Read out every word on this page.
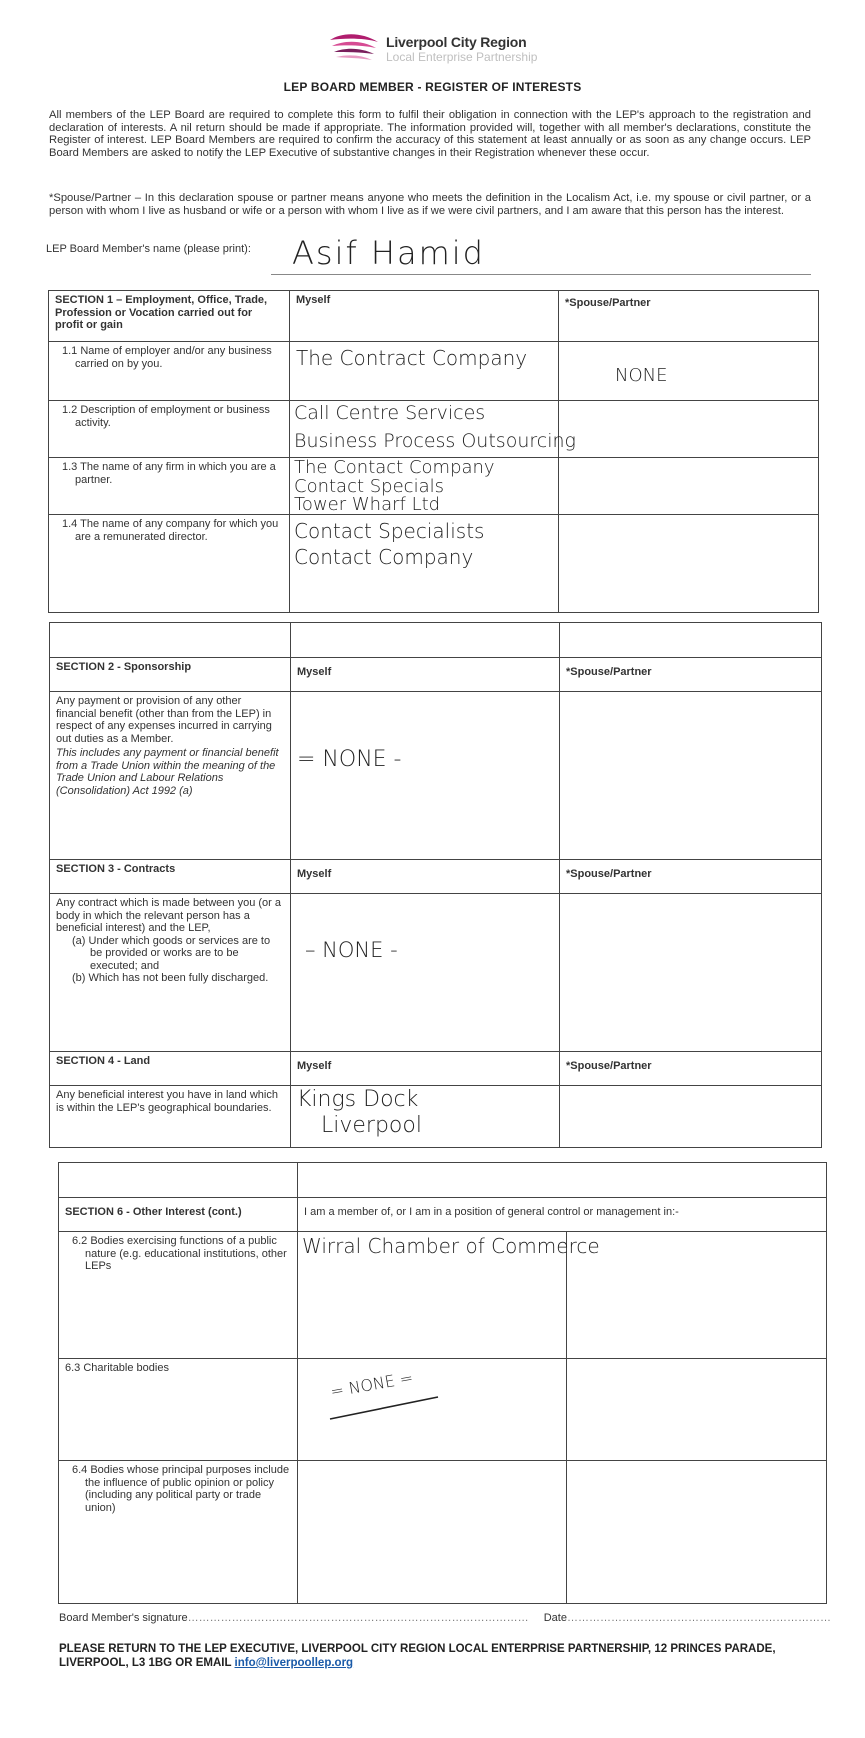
Liverpool City Region
Local Enterprise Partnership
LEP BOARD MEMBER - REGISTER OF INTERESTS
All members of the LEP Board are required to complete this form to fulfil their obligation in connection with the LEP's approach to the registration and declaration of interests. A nil return should be made if appropriate. The information provided will, together with all member's declarations, constitute the Register of interest. LEP Board Members are required to confirm the accuracy of this statement at least annually or as soon as any change occurs. LEP Board Members are asked to notify the LEP Executive of substantive changes in their Registration whenever these occur.
*Spouse/Partner – In this declaration spouse or partner means anyone who meets the definition in the Localism Act, i.e. my spouse or civil partner, or a person with whom I live as husband or wife or a person with whom I live as if we were civil partners, and I am aware that this person has the interest.
LEP Board Member's name (please print):	Asif Hamid
SECTION 1 – Employment, Office, Trade, Profession or Vocation carried out for profit or gain	Myself	*Spouse/Partner

1.1 Name of employer and/or any business carried on by you.	The Contract Company	NONE

1.2 Description of employment or business activity.	Call Centre Services
Business Process Outsourcing	

1.3 The name of any firm in which you are a partner.	The Contact Company
Contact Specials
Tower Wharf Ltd	

1.4 The name of any company for which you are a remunerated director.	Contact Specialists
Contact Company	

SECTION 2 - Sponsorship	Myself	*Spouse/Partner

Any payment or provision of any other financial benefit (other than from the LEP) in respect of any expenses incurred in carrying out duties as a Member.
This includes any payment or financial benefit from a Trade Union within the meaning of the Trade Union and Labour Relations (Consolidation) Act 1992 (a)	= NONE -	

SECTION 3 - Contracts	Myself	*Spouse/Partner

Any contract which is made between you (or a body in which the relevant person has a beneficial interest) and the LEP,
(a) Under which goods or services are to be provided or works are to be executed; and
(b) Which has not been fully discharged.	– NONE -	

SECTION 4 - Land	Myself	*Spouse/Partner
Any beneficial interest you have in land which is within the LEP's geographical boundaries.	Kings Dock
Liverpool	

SECTION 6 - Other Interest (cont.)	I am a member of, or I am in a position of general control or management in:-	

6.2 Bodies exercising functions of a public nature (e.g. educational institutions, other LEPs	Wirral Chamber of Commerce	

6.3 Charitable bodies	= NONE =	

6.4 Bodies whose principal purposes include the influence of public opinion or policy (including any political party or trade union)		

Board Member's signature………………………………………………………………………………… Date………………………………………………………………
PLEASE RETURN TO THE LEP EXECUTIVE, LIVERPOOL CITY REGION LOCAL ENTERPRISE PARTNERSHIP, 12 PRINCES PARADE, LIVERPOOL, L3 1BG OR EMAIL info@liverpoollep.org
